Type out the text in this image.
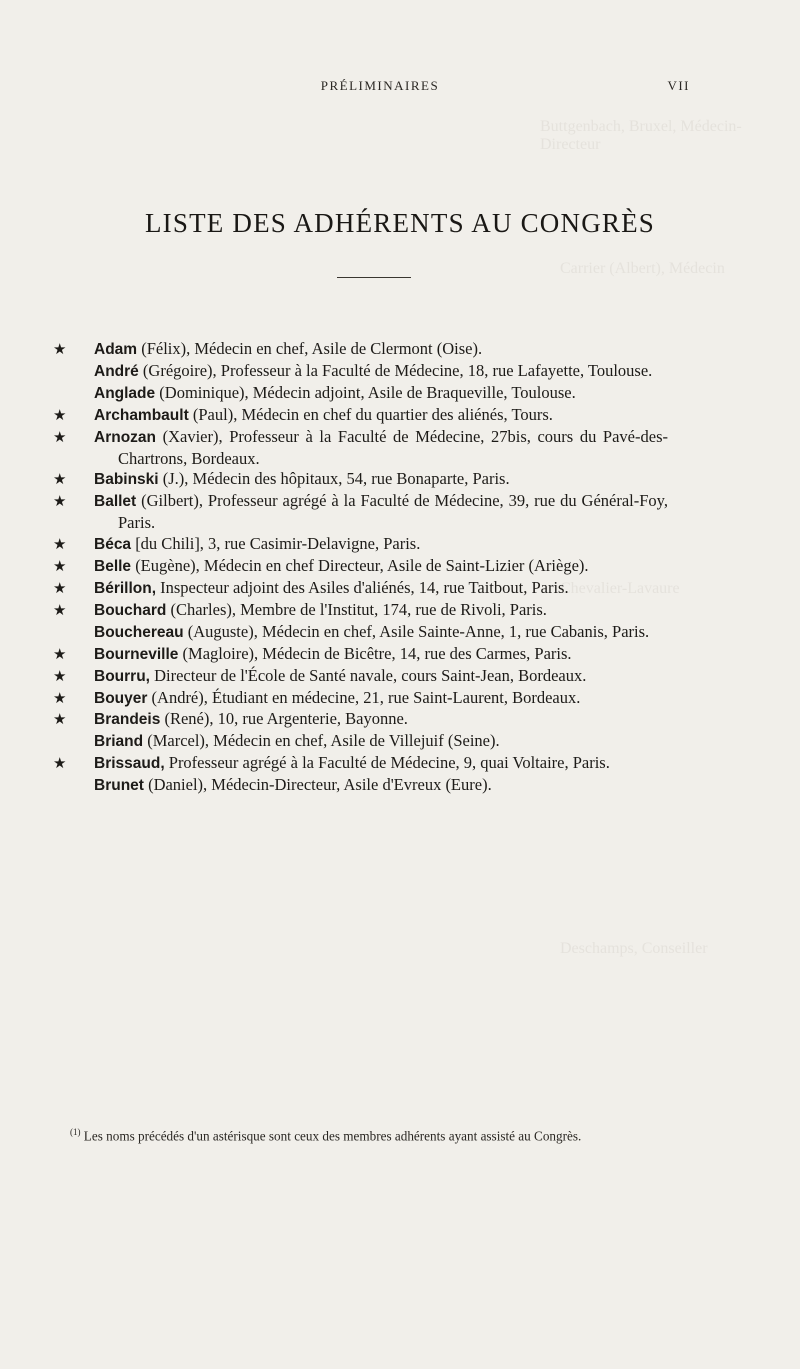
Buttgenbach, Bruxel, Médecin-Directeur
Carrier (Albert), Médecin
Chevalier-Lavaure
Deschamps, Conseiller
PRÉLIMINAIRES	VII
LISTE DES ADHÉRENTS AU CONGRÈS
★ Adam (Félix), Médecin en chef, Asile de Clermont (Oise).
André (Grégoire), Professeur à la Faculté de Médecine, 18, rue Lafayette, Toulouse.
Anglade (Dominique), Médecin adjoint, Asile de Braqueville, Toulouse.
★ Archambault (Paul), Médecin en chef du quartier des aliénés, Tours.
★ Arnozan (Xavier), Professeur à la Faculté de Médecine, 27bis, cours du Pavé-des-Chartrons, Bordeaux.
★ Babinski (J.), Médecin des hôpitaux, 54, rue Bonaparte, Paris.
★ Ballet (Gilbert), Professeur agrégé à la Faculté de Médecine, 39, rue du Général-Foy, Paris.
★ Béca [du Chili], 3, rue Casimir-Delavigne, Paris.
★ Belle (Eugène), Médecin en chef Directeur, Asile de Saint-Lizier (Ariège).
★ Bérillon, Inspecteur adjoint des Asiles d'aliénés, 14, rue Taitbout, Paris.
★ Bouchard (Charles), Membre de l'Institut, 174, rue de Rivoli, Paris.
Bouchereau (Auguste), Médecin en chef, Asile Sainte-Anne, 1, rue Cabanis, Paris.
★ Bourneville (Magloire), Médecin de Bicêtre, 14, rue des Carmes, Paris.
★ Bourru, Directeur de l'École de Santé navale, cours Saint-Jean, Bordeaux.
★ Bouyer (André), Étudiant en médecine, 21, rue Saint-Laurent, Bordeaux.
★ Brandeis (René), 10, rue Argenterie, Bayonne.
Briand (Marcel), Médecin en chef, Asile de Villejuif (Seine).
★ Brissaud, Professeur agrégé à la Faculté de Médecine, 9, quai Voltaire, Paris.
Brunet (Daniel), Médecin-Directeur, Asile d'Evreux (Eure).
$^{(1)}$ Les noms précédés d'un astérisque sont ceux des membres adhérents ayant assisté au Congrès.
